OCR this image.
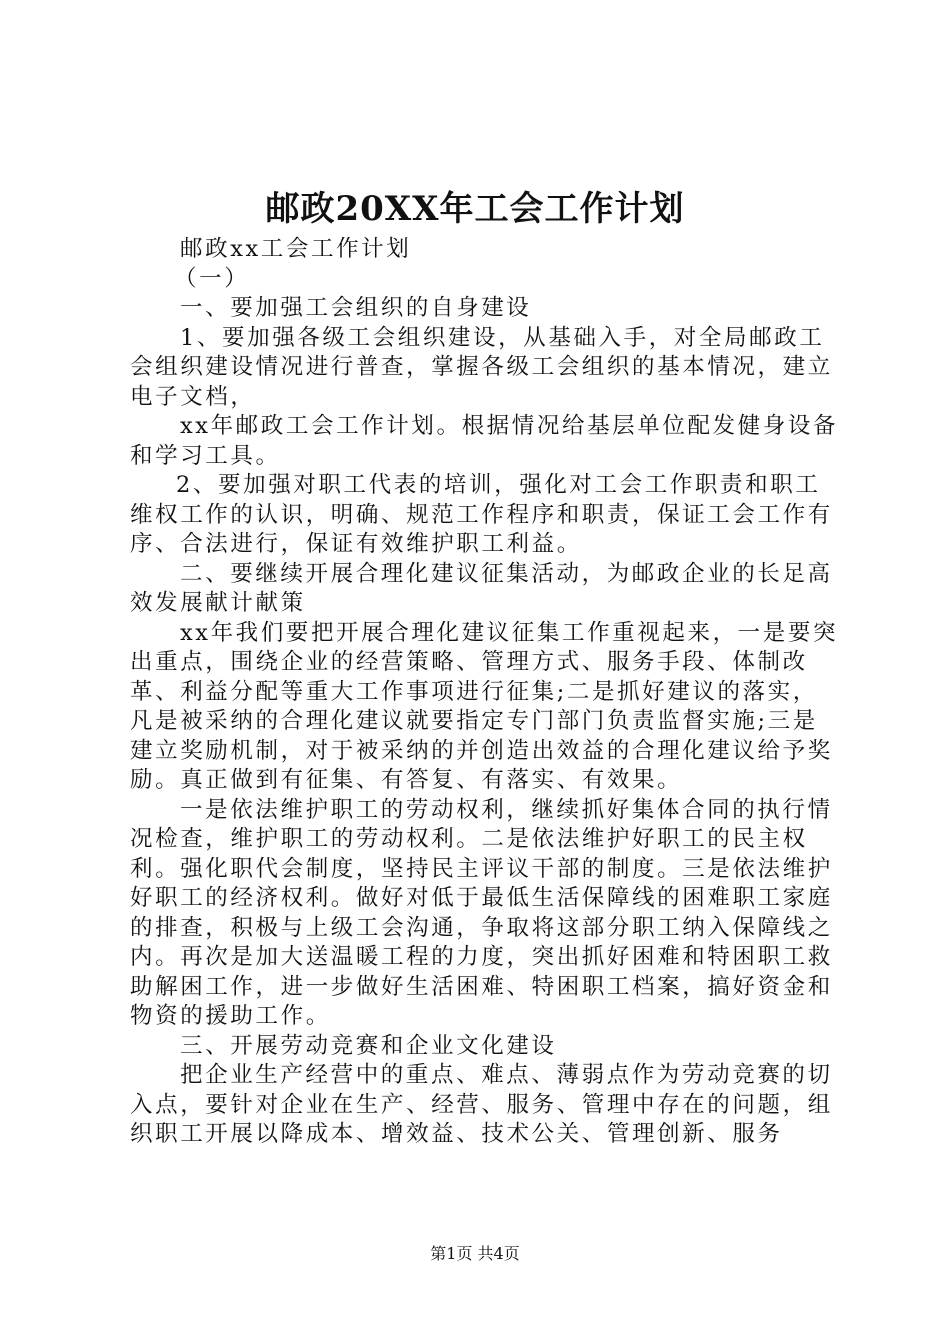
邮政20XX年工会工作计划

邮政xx工会工作计划

（一）

一、要加强工会组织的自身建设

1、要加强各级工会组织建设，从基础入手，对全局邮政工会组织建设情况进行普查，掌握各级工会组织的基本情况，建立电子文档，

xx年邮政工会工作计划。根据情况给基层单位配发健身设备和学习工具。

2、要加强对职工代表的培训，强化对工会工作职责和职工维权工作的认识，明确、规范工作程序和职责，保证工会工作有序、合法进行，保证有效维护职工利益。

二、要继续开展合理化建议征集活动，为邮政企业的长足高效发展献计献策

xx年我们要把开展合理化建议征集工作重视起来，一是要突出重点，围绕企业的经营策略、管理方式、服务手段、体制改革、利益分配等重大工作事项进行征集;二是抓好建议的落实，凡是被采纳的合理化建议就要指定专门部门负责监督实施;三是建立奖励机制，对于被采纳的并创造出效益的合理化建议给予奖励。真正做到有征集、有答复、有落实、有效果。

一是依法维护职工的劳动权利，继续抓好集体合同的执行情况检查，维护职工的劳动权利。二是依法维护好职工的民主权利。强化职代会制度，坚持民主评议干部的制度。三是依法维护好职工的经济权利。做好对低于最低生活保障线的困难职工家庭的排查，积极与上级工会沟通，争取将这部分职工纳入保障线之内。再次是加大送温暖工程的力度，突出抓好困难和特困职工救助解困工作，进一步做好生活困难、特困职工档案，搞好资金和物资的援助工作。

三、开展劳动竞赛和企业文化建设

把企业生产经营中的重点、难点、薄弱点作为劳动竞赛的切入点，要针对企业在生产、经营、服务、管理中存在的问题，组织职工开展以降成本、增效益、技术公关、管理创新、服务

第1页 共4页
